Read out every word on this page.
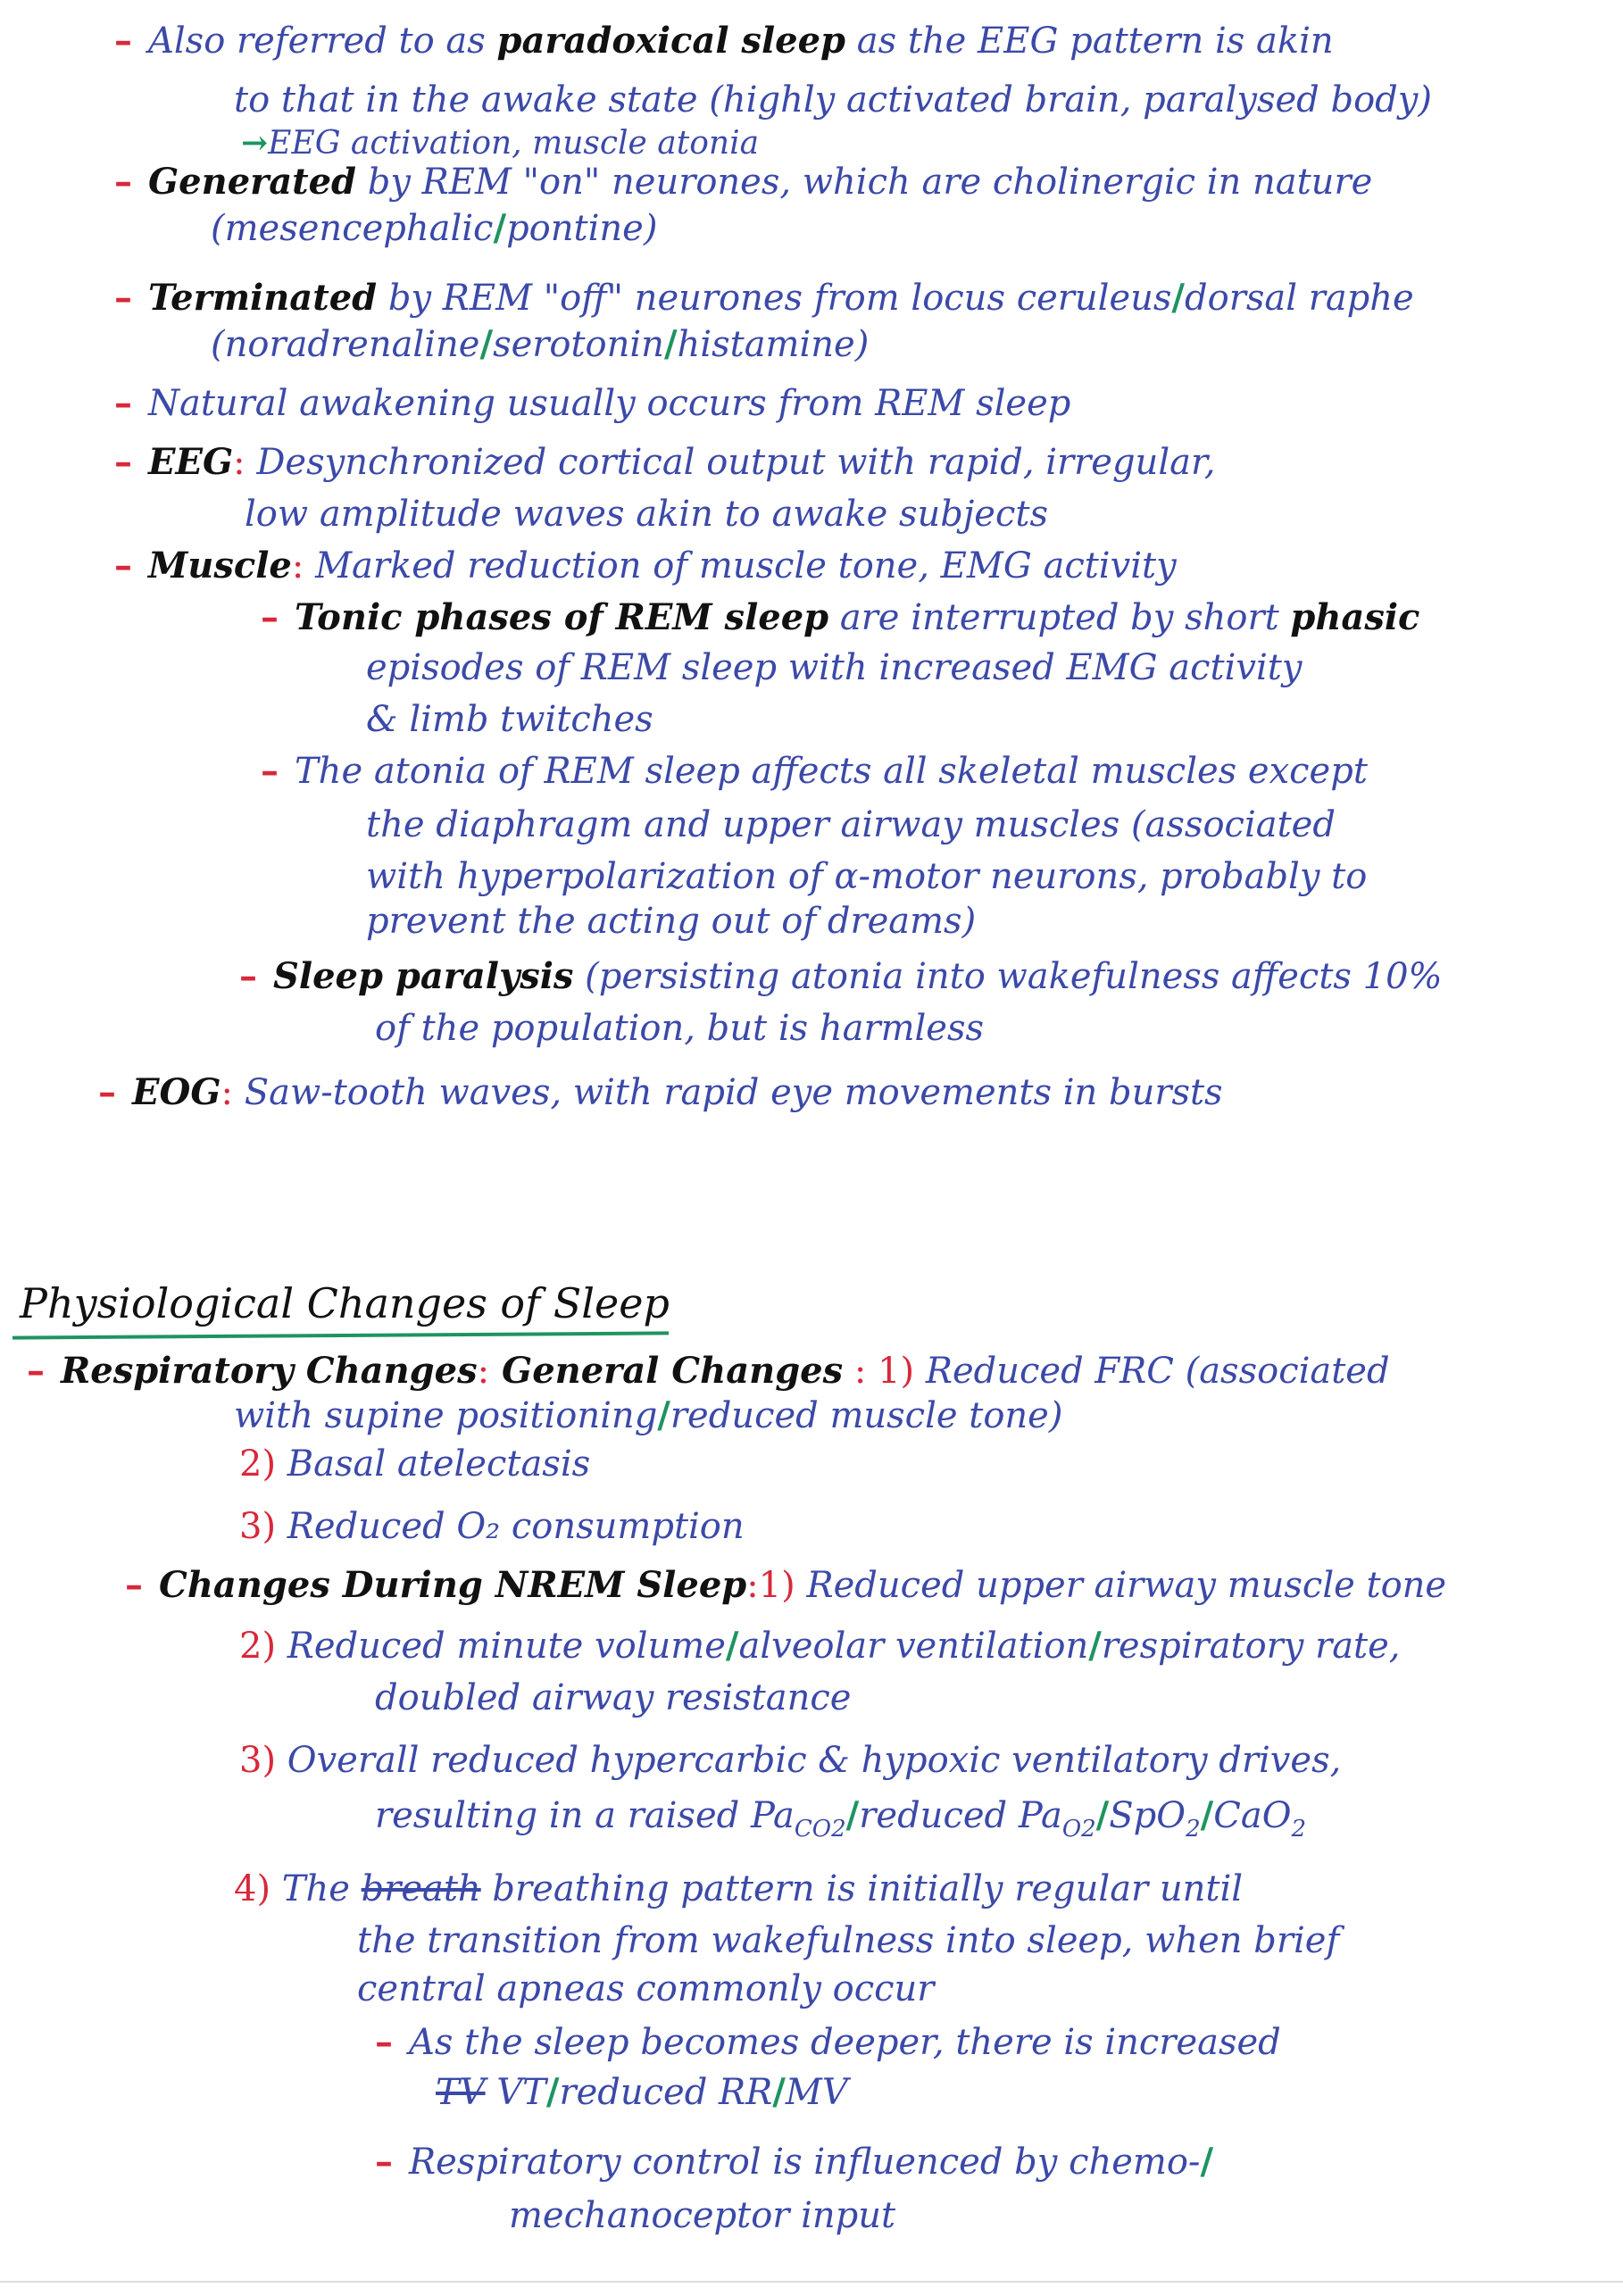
– Also referred to as paradoxical sleep as the EEG pattern is akin
to that in the awake state (highly activated brain, paralysed body)
→EEG activation, muscle atonia
– Generated by REM "on" neurones, which are cholinergic in nature
(mesencephalic/pontine)
– Terminated by REM "off" neurones from locus ceruleus/dorsal raphe
(noradrenaline/serotonin/histamine)
– Natural awakening usually occurs from REM sleep
– EEG: Desynchronized cortical output with rapid, irregular,
low amplitude waves akin to awake subjects
– Muscle: Marked reduction of muscle tone, EMG activity
– Tonic phases of REM sleep are interrupted by short phasic
episodes of REM sleep with increased EMG activity
& limb twitches
– The atonia of REM sleep affects all skeletal muscles except
the diaphragm and upper airway muscles (associated
with hyperpolarization of α-motor neurons, probably to
prevent the acting out of dreams)
– Sleep paralysis (persisting atonia into wakefulness affects 10%
of the population, but is harmless
– EOG: Saw-tooth waves, with rapid eye movements in bursts
Physiological Changes of Sleep
– Respiratory Changes: General Changes : 1) Reduced FRC (associated
with supine positioning/reduced muscle tone)
2) Basal atelectasis
3) Reduced O₂ consumption
– Changes During NREM Sleep:1) Reduced upper airway muscle tone
2) Reduced minute volume/alveolar ventilation/respiratory rate,
doubled airway resistance
3) Overall reduced hypercarbic & hypoxic ventilatory drives,
resulting in a raised $Pa_{CO2}$/reduced $Pa_{O2}/SpO_2/CaO_2$
4) The breath breathing pattern is initially regular until
the transition from wakefulness into sleep, when brief
central apneas commonly occur
– As the sleep becomes deeper, there is increased
TV VT/reduced RR/MV
– Respiratory control is influenced by chemo-/
mechanoceptor input
